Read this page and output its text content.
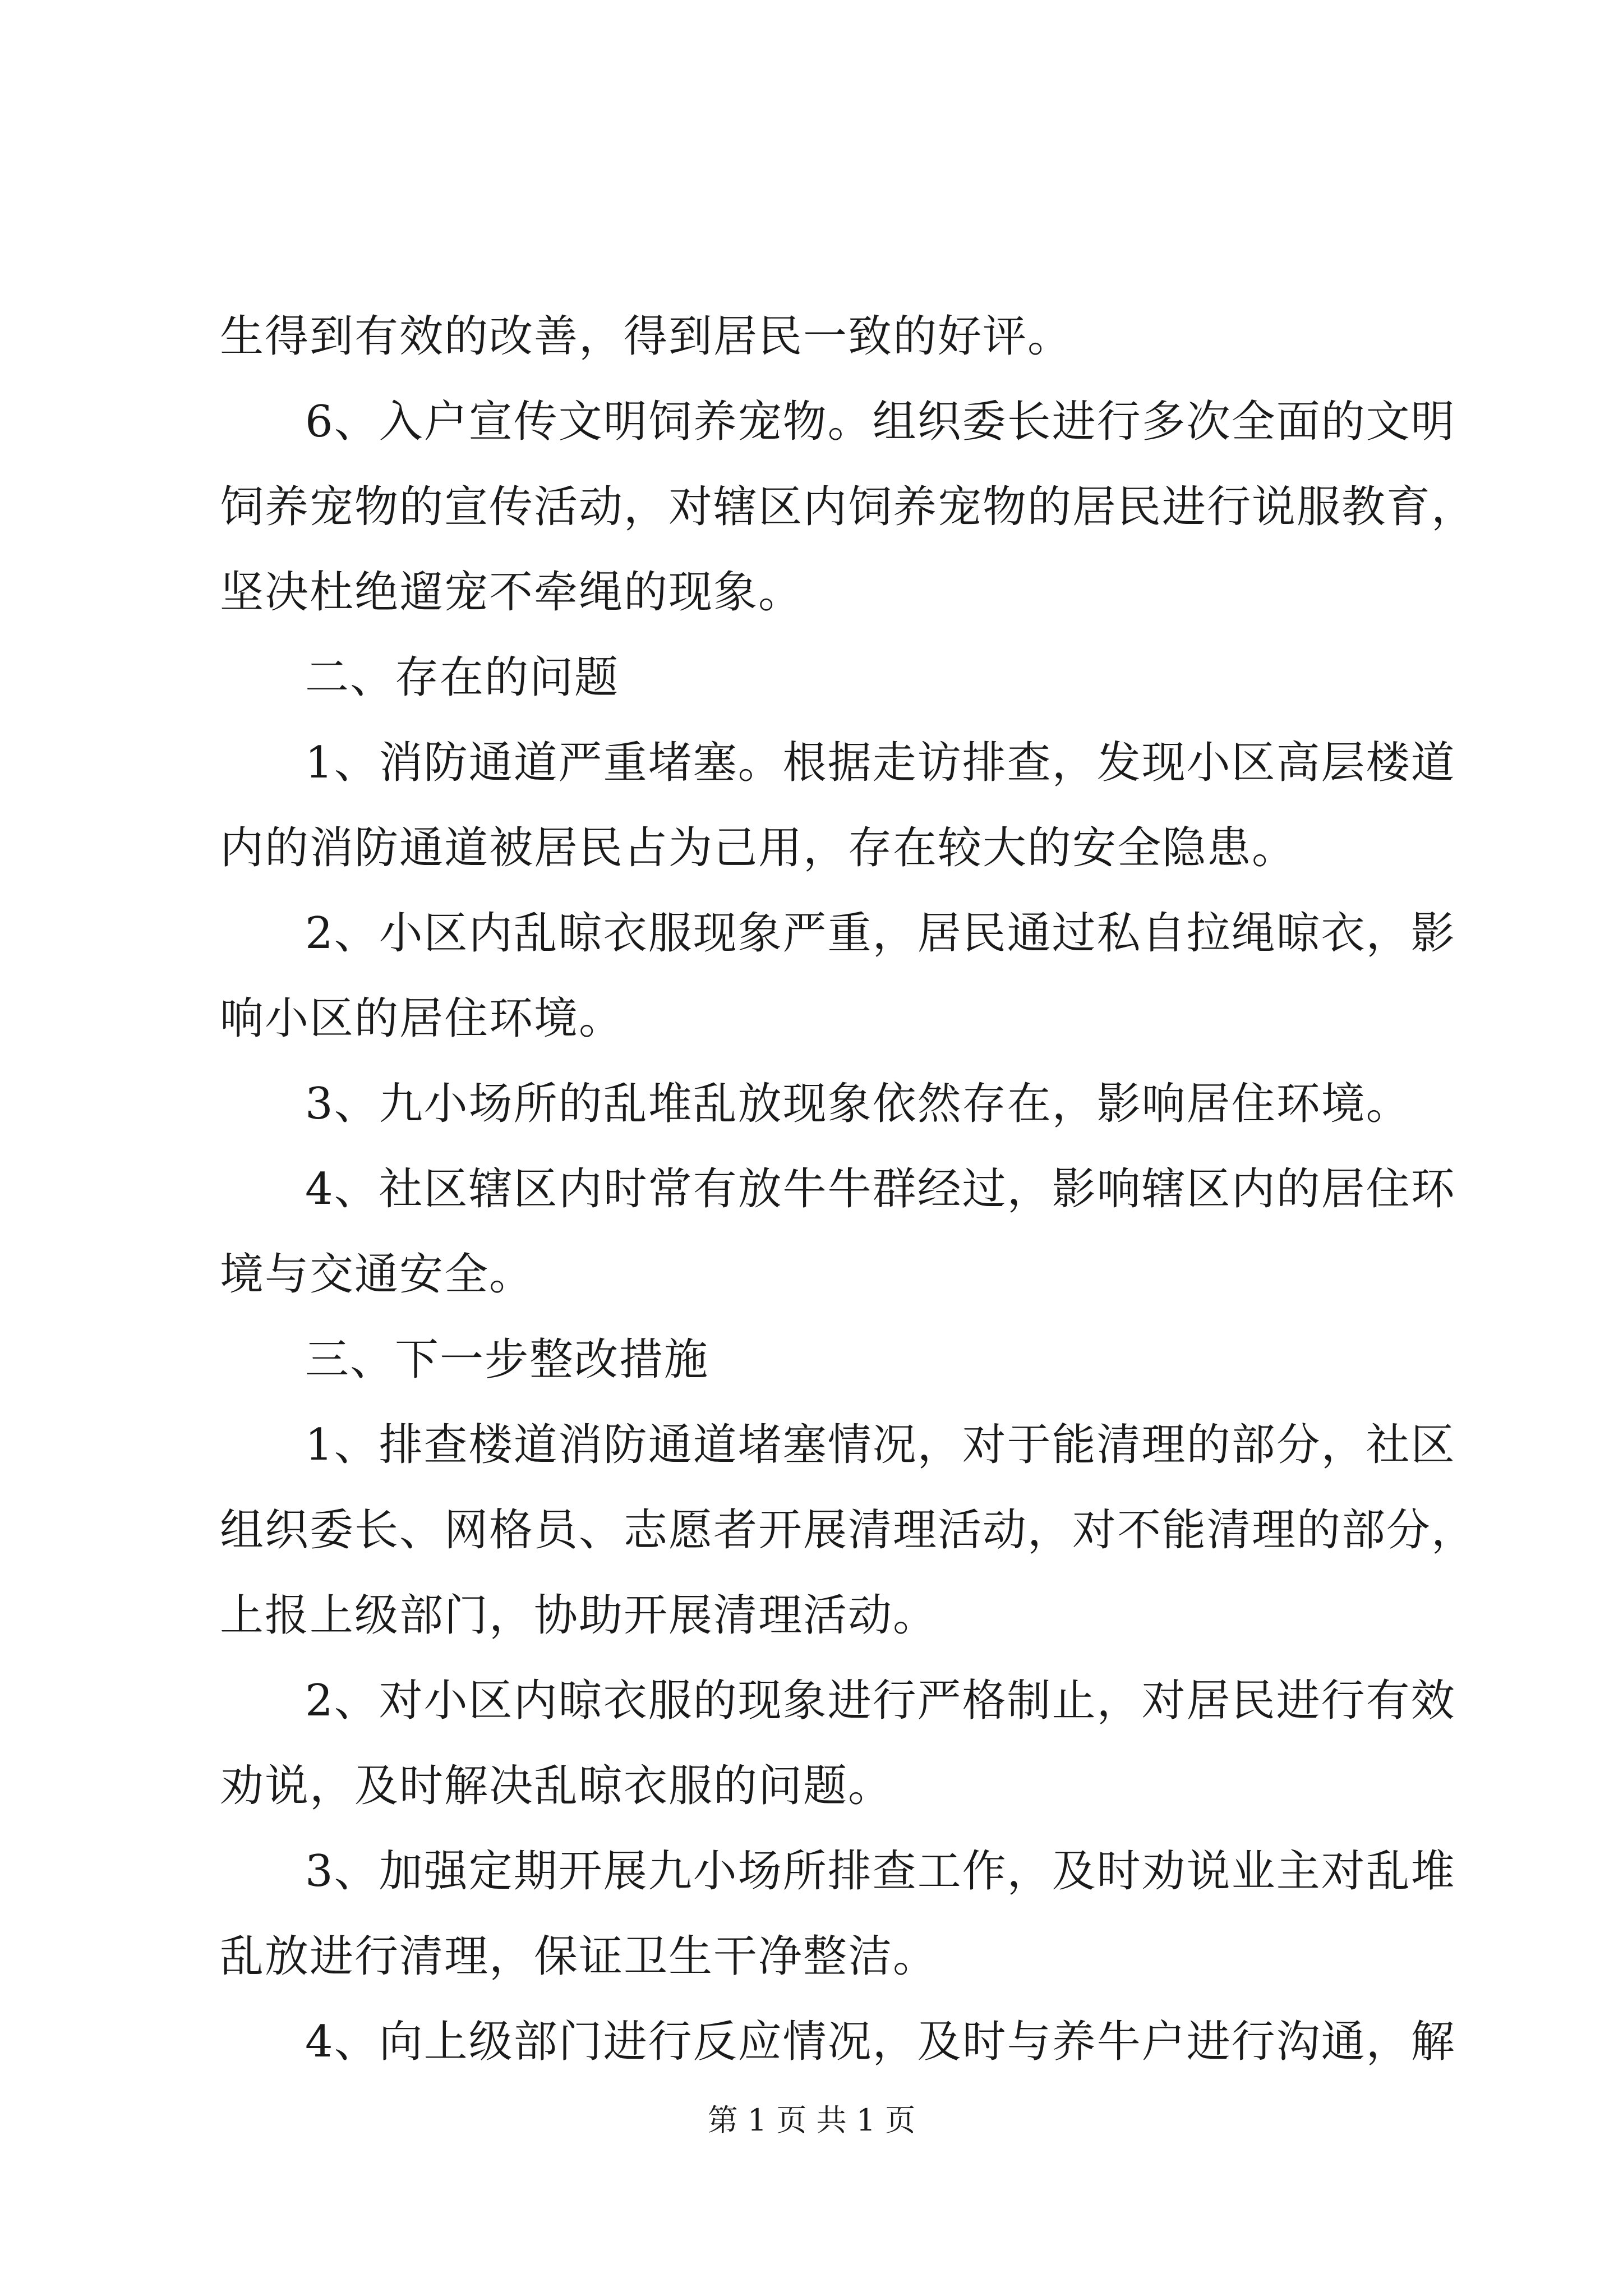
生得到有效的改善，得到居民一致的好评。
6、入户宣传文明饲养宠物。组织委长进行多次全面的文明
饲养宠物的宣传活动，对辖区内饲养宠物的居民进行说服教育，
坚决杜绝遛宠不牵绳的现象。
二、存在的问题
1、消防通道严重堵塞。根据走访排查，发现小区高层楼道
内的消防通道被居民占为己用，存在较大的安全隐患。
2、小区内乱晾衣服现象严重，居民通过私自拉绳晾衣，影
响小区的居住环境。
3、九小场所的乱堆乱放现象依然存在，影响居住环境。
4、社区辖区内时常有放牛牛群经过，影响辖区内的居住环
境与交通安全。
三、下一步整改措施
1、排查楼道消防通道堵塞情况，对于能清理的部分，社区
组织委长、网格员、志愿者开展清理活动，对不能清理的部分，
上报上级部门，协助开展清理活动。
2、对小区内晾衣服的现象进行严格制止，对居民进行有效
劝说，及时解决乱晾衣服的问题。
3、加强定期开展九小场所排查工作，及时劝说业主对乱堆
乱放进行清理，保证卫生干净整洁。
4、向上级部门进行反应情况，及时与养牛户进行沟通，解
第 1 页 共 1 页
